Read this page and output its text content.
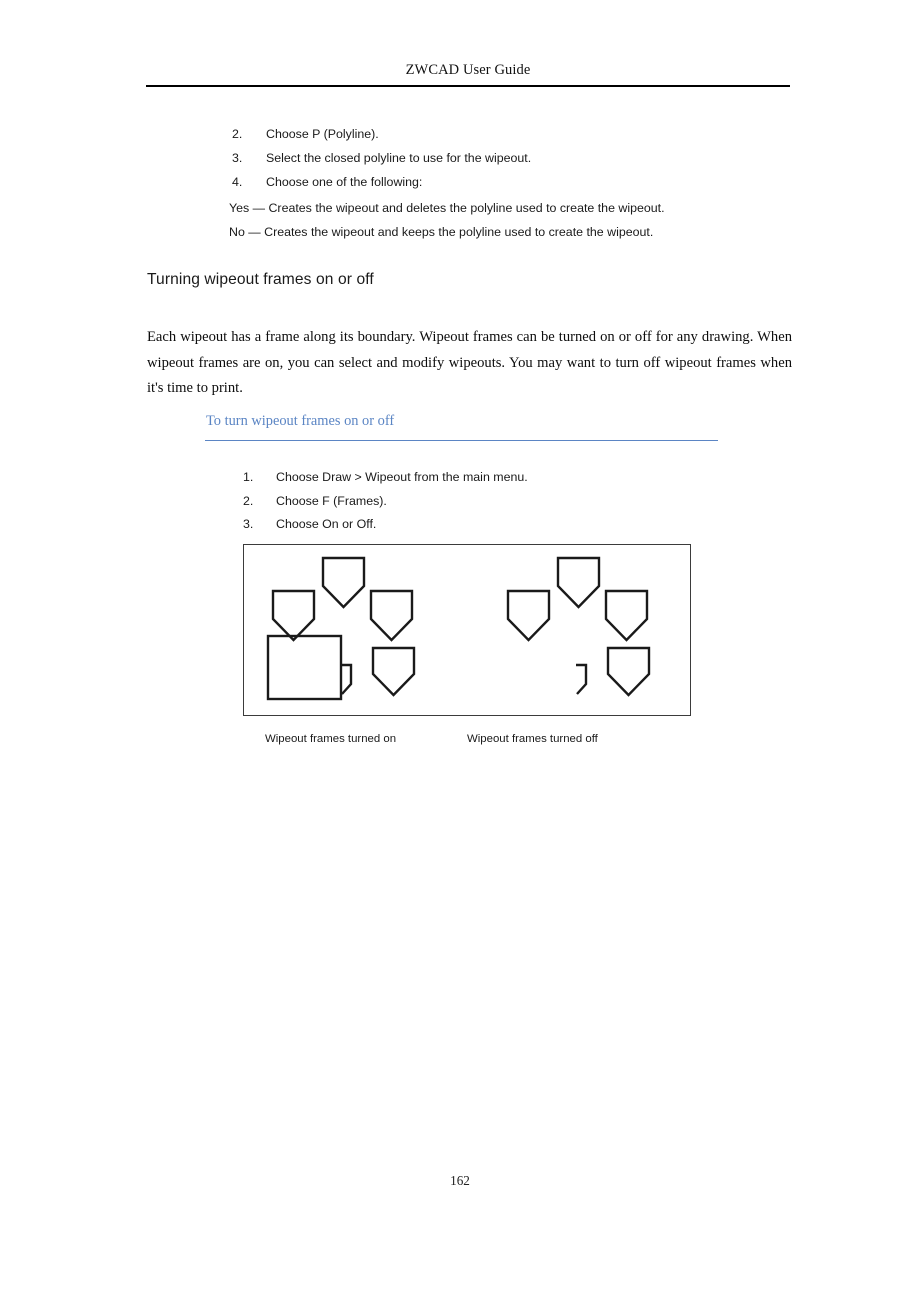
ZWCAD User Guide
2.	Choose P (Polyline).
3.	Select the closed polyline to use for the wipeout.
4.	Choose one of the following:
Yes — Creates the wipeout and deletes the polyline used to create the wipeout.
No — Creates the wipeout and keeps the polyline used to create the wipeout.
Turning wipeout frames on or off
Each wipeout has a frame along its boundary. Wipeout frames can be turned on or off for any drawing. When wipeout frames are on, you can select and modify wipeouts. You may want to turn off wipeout frames when it's time to print.
To turn wipeout frames on or off
1.	Choose Draw > Wipeout from the main menu.
2.	Choose F (Frames).
3.	Choose On or Off.
Wipeout frames turned on	Wipeout frames turned off
162
